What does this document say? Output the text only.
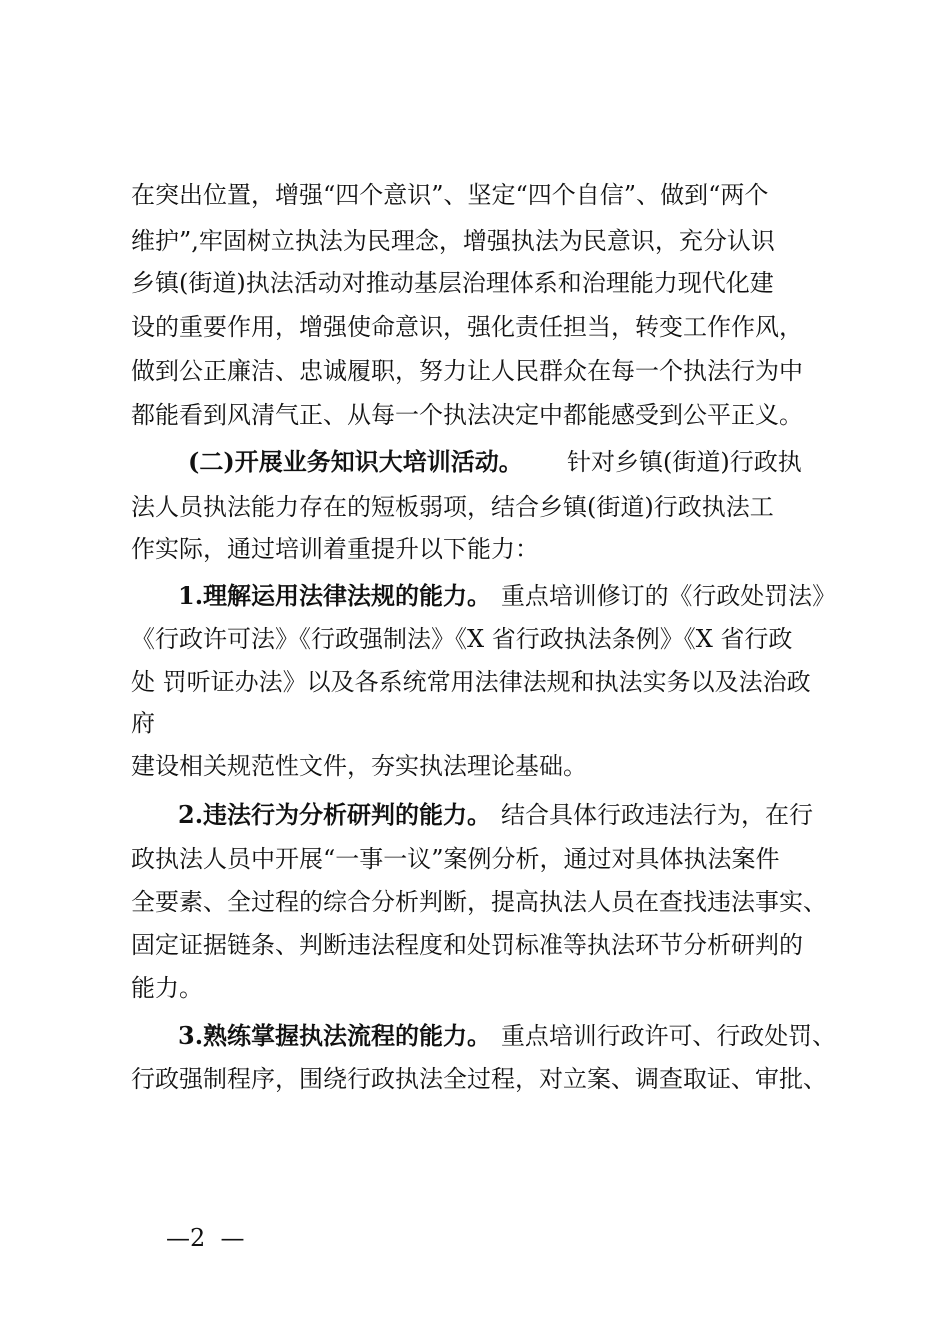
在突出位置，增强“四个意识”、坚定“四个自信”、做到“两个
维护”,牢固树立执法为民理念，增强执法为民意识，充分认识
乡镇(街道)执法活动对推动基层治理体系和治理能力现代化建
设的重要作用，增强使命意识，强化责任担当，转变工作作风，
做到公正廉洁、忠诚履职，努力让人民群众在每一个执法行为中
都能看到风清气正、从每一个执法决定中都能感受到公平正义。
(二)开展业务知识大培训活动。 针对乡镇(街道)行政执
法人员执法能力存在的短板弱项，结合乡镇(街道)行政执法工
作实际，通过培训着重提升以下能力：
1.理解运用法律法规的能力。 重点培训修订的《行政处罚法》
《行政许可法》《行政强制法》《X 省行政执法条例》《X 省行政
处 罚听证办法》以及各系统常用法律法规和执法实务以及法治政
府
建设相关规范性文件，夯实执法理论基础。
2.违法行为分析研判的能力。 结合具体行政违法行为，在行
政执法人员中开展“一事一议”案例分析，通过对具体执法案件
全要素、全过程的综合分析判断，提高执法人员在查找违法事实、
固定证据链条、判断违法程度和处罚标准等执法环节分析研判的
能力。
3.熟练掌握执法流程的能力。 重点培训行政许可、行政处罚、
行政强制程序，围绕行政执法全过程，对立案、调查取证、审批、
—2  —
